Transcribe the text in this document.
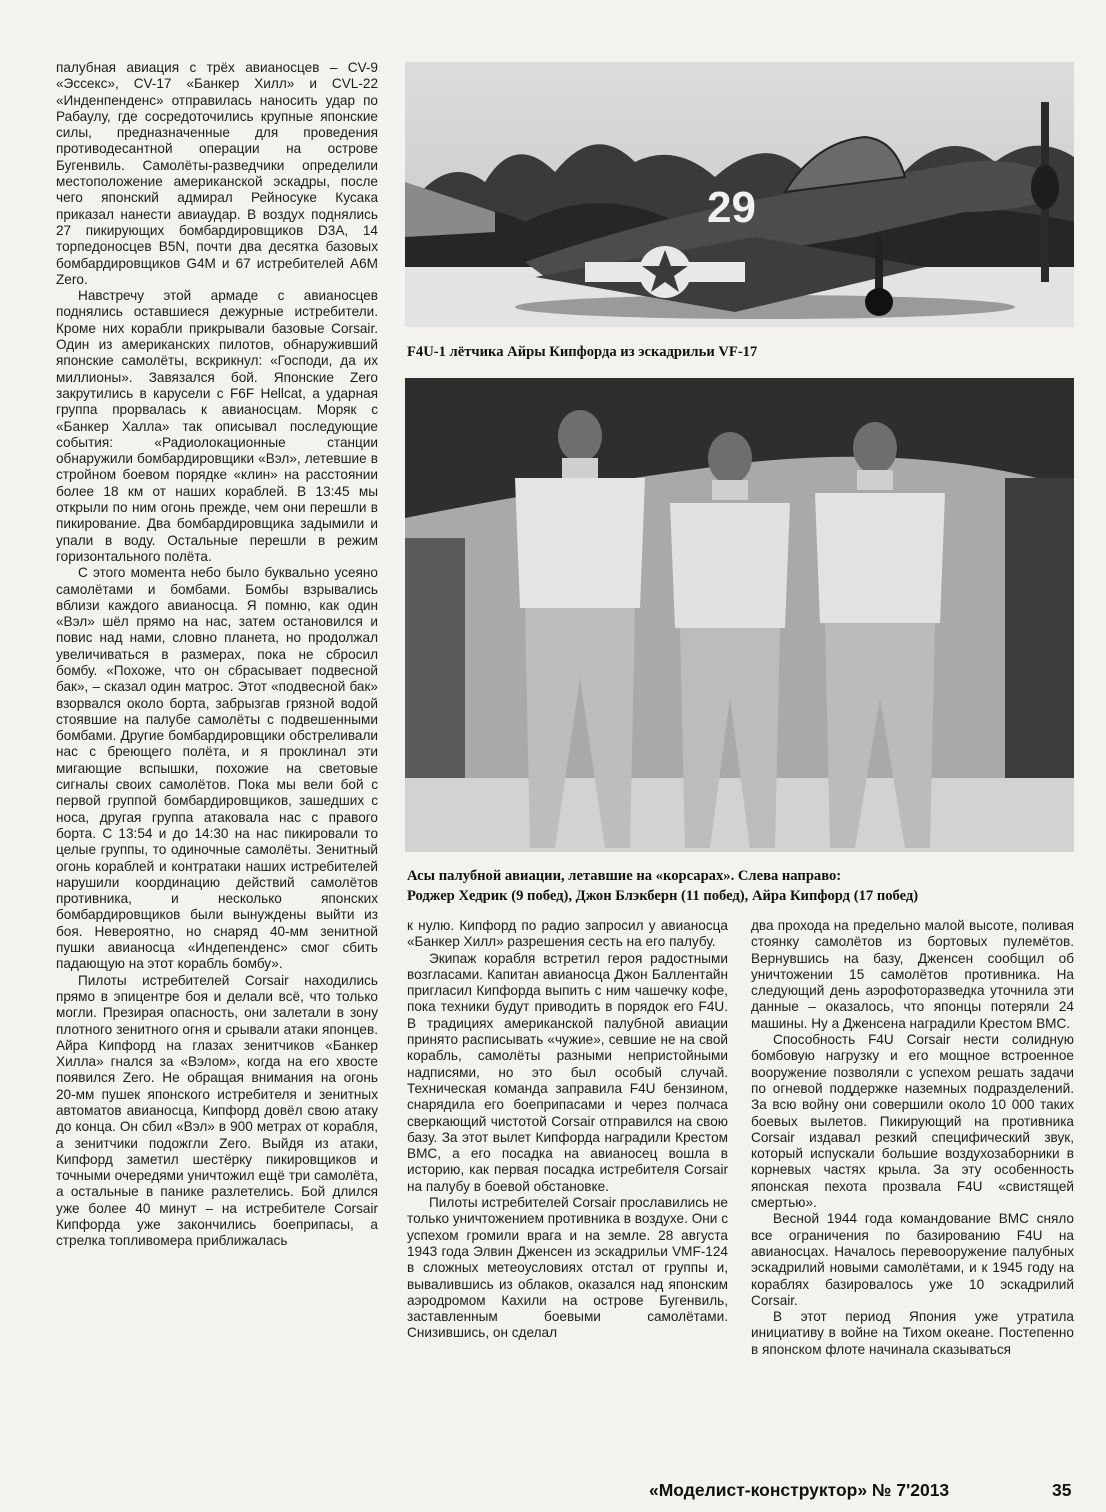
палубная авиация с трёх авианосцев – CV-9 «Эссекс», CV-17 «Банкер Хилл» и CVL-22 «Инденпенденс» отправилась наносить удар по Рабаулу, где сосредоточились крупные японские силы, предназначенные для проведения противодесантной операции на острове Бугенвиль. Самолёты-разведчики определили местоположение американской эскадры, после чего японский адмирал Рейносуке Кусака приказал нанести авиаудар. В воздух поднялись 27 пикирующих бомбардировщиков D3A, 14 торпедоносцев B5N, почти два десятка базовых бомбардировщиков G4M и 67 истребителей A6M Zero.

Навстречу этой армаде с авианосцев поднялись оставшиеся дежурные истребители. Кроме них корабли прикрывали базовые Corsair. Один из американских пилотов, обнаруживший японские самолёты, вскрикнул: «Господи, да их миллионы». Завязался бой. Японские Zero закрутились в карусели с F6F Hellcat, а ударная группа прорвалась к авианосцам. Моряк с «Банкер Халла» так описывал последующие события: «Радиолокационные станции обнаружили бомбардировщики «Вэл», летевшие в стройном боевом порядке «клин» на расстоянии более 18 км от наших кораблей. В 13:45 мы открыли по ним огонь прежде, чем они перешли в пикирование. Два бомбардировщика задымили и упали в воду. Остальные перешли в режим горизонтального полёта.

С этого момента небо было буквально усеяно самолётами и бомбами. Бомбы взрывались вблизи каждого авианосца. Я помню, как один «Вэл» шёл прямо на нас, затем остановился и повис над нами, словно планета, но продолжал увеличиваться в размерах, пока не сбросил бомбу. «Похоже, что он сбрасывает подвесной бак», – сказал один матрос. Этот «подвесной бак» взорвался около борта, забрызгав грязной водой стоявшие на палубе самолёты с подвешенными бомбами. Другие бомбардировщики обстреливали нас с бреющего полёта, и я проклинал эти мигающие вспышки, похожие на световые сигналы своих самолётов. Пока мы вели бой с первой группой бомбардировщиков, зашедших с носа, другая группа атаковала нас с правого борта. С 13:54 и до 14:30 на нас пикировали то целые группы, то одиночные самолёты. Зенитный огонь кораблей и контратаки наших истребителей нарушили координацию действий самолётов противника, и несколько японских бомбардировщиков были вынуждены выйти из боя. Невероятно, но снаряд 40-мм зенитной пушки авианосца «Индепенденс» смог сбить падающую на этот корабль бомбу».

Пилоты истребителей Corsair находились прямо в эпицентре боя и делали всё, что только могли. Презирая опасность, они залетали в зону плотного зенитного огня и срывали атаки японцев. Айра Кипфорд на глазах зенитчиков «Банкер Хилла» гнался за «Вэлом», когда на его хвосте появился Zero. Не обращая внимания на огонь 20-мм пушек японского истребителя и зенитных автоматов авианосца, Кипфорд довёл свою атаку до конца. Он сбил «Вэл» в 900 метрах от корабля, а зенитчики подожгли Zero. Выйдя из атаки, Кипфорд заметил шестёрку пикировщиков и точными очередями уничтожил ещё три самолёта, а остальные в панике разлетелись. Бой длился уже более 40 минут – на истребителе Corsair Кипфорда уже закончились боеприпасы, а стрелка топливомера приближалась

29
F4U-1 лётчика Айры Кипфорда из эскадрильи VF-17
Асы палубной авиации, летавшие на «корсарах». Слева направо:
Роджер Хедрик (9 побед), Джон Блэкберн (11 побед), Айра Кипфорд (17 побед)

к нулю. Кипфорд по радио запросил у авианосца «Банкер Хилл» разрешения сесть на его палубу.

Экипаж корабля встретил героя радостными возгласами. Капитан авианосца Джон Баллентайн пригласил Кипфорда выпить с ним чашечку кофе, пока техники будут приводить в порядок его F4U. В традициях американской палубной авиации принято расписывать «чужие», севшие не на свой корабль, самолёты разными непристойными надписями, но это был особый случай. Техническая команда заправила F4U бензином, снарядила его боеприпасами и через полчаса сверкающий чистотой Corsair отправился на свою базу. За этот вылет Кипфорда наградили Крестом ВМС, а его посадка на авианосец вошла в историю, как первая посадка истребителя Corsair на палубу в боевой обстановке.

Пилоты истребителей Corsair прославились не только уничтожением противника в воздухе. Они с успехом громили врага и на земле. 28 августа 1943 года Элвин Дженсен из эскадрильи VMF-124 в сложных метеоусловиях отстал от группы и, вывалившись из облаков, оказался над японским аэродромом Кахили на острове Бугенвиль, заставленным боевыми самолётами. Снизившись, он сделал

два прохода на предельно малой высоте, поливая стоянку самолётов из бортовых пулемётов. Вернувшись на базу, Дженсен сообщил об уничтожении 15 самолётов противника. На следующий день аэрофоторазведка уточнила эти данные – оказалось, что японцы потеряли 24 машины. Ну а Дженсена наградили Крестом ВМС.

Способность F4U Corsair нести солидную бомбовую нагрузку и его мощное встроенное вооружение позволяли с успехом решать задачи по огневой поддержке наземных подразделений. За всю войну они совершили около 10 000 таких боевых вылетов. Пикирующий на противника Corsair издавал резкий специфический звук, который испускали большие воздухозаборники в корневых частях крыла. За эту особенность японская пехота прозвала F4U «свистящей смертью».

Весной 1944 года командование ВМС сняло все ограничения по базированию F4U на авианосцах. Началось перевооружение палубных эскадрилий новыми самолётами, и к 1945 году на кораблях базировалось уже 10 эскадрилий Corsair.

В этот период Япония уже утратила инициативу в войне на Тихом океане. Постепенно в японском флоте начинала сказываться

«Моделист-конструктор» № 7'2013	35
